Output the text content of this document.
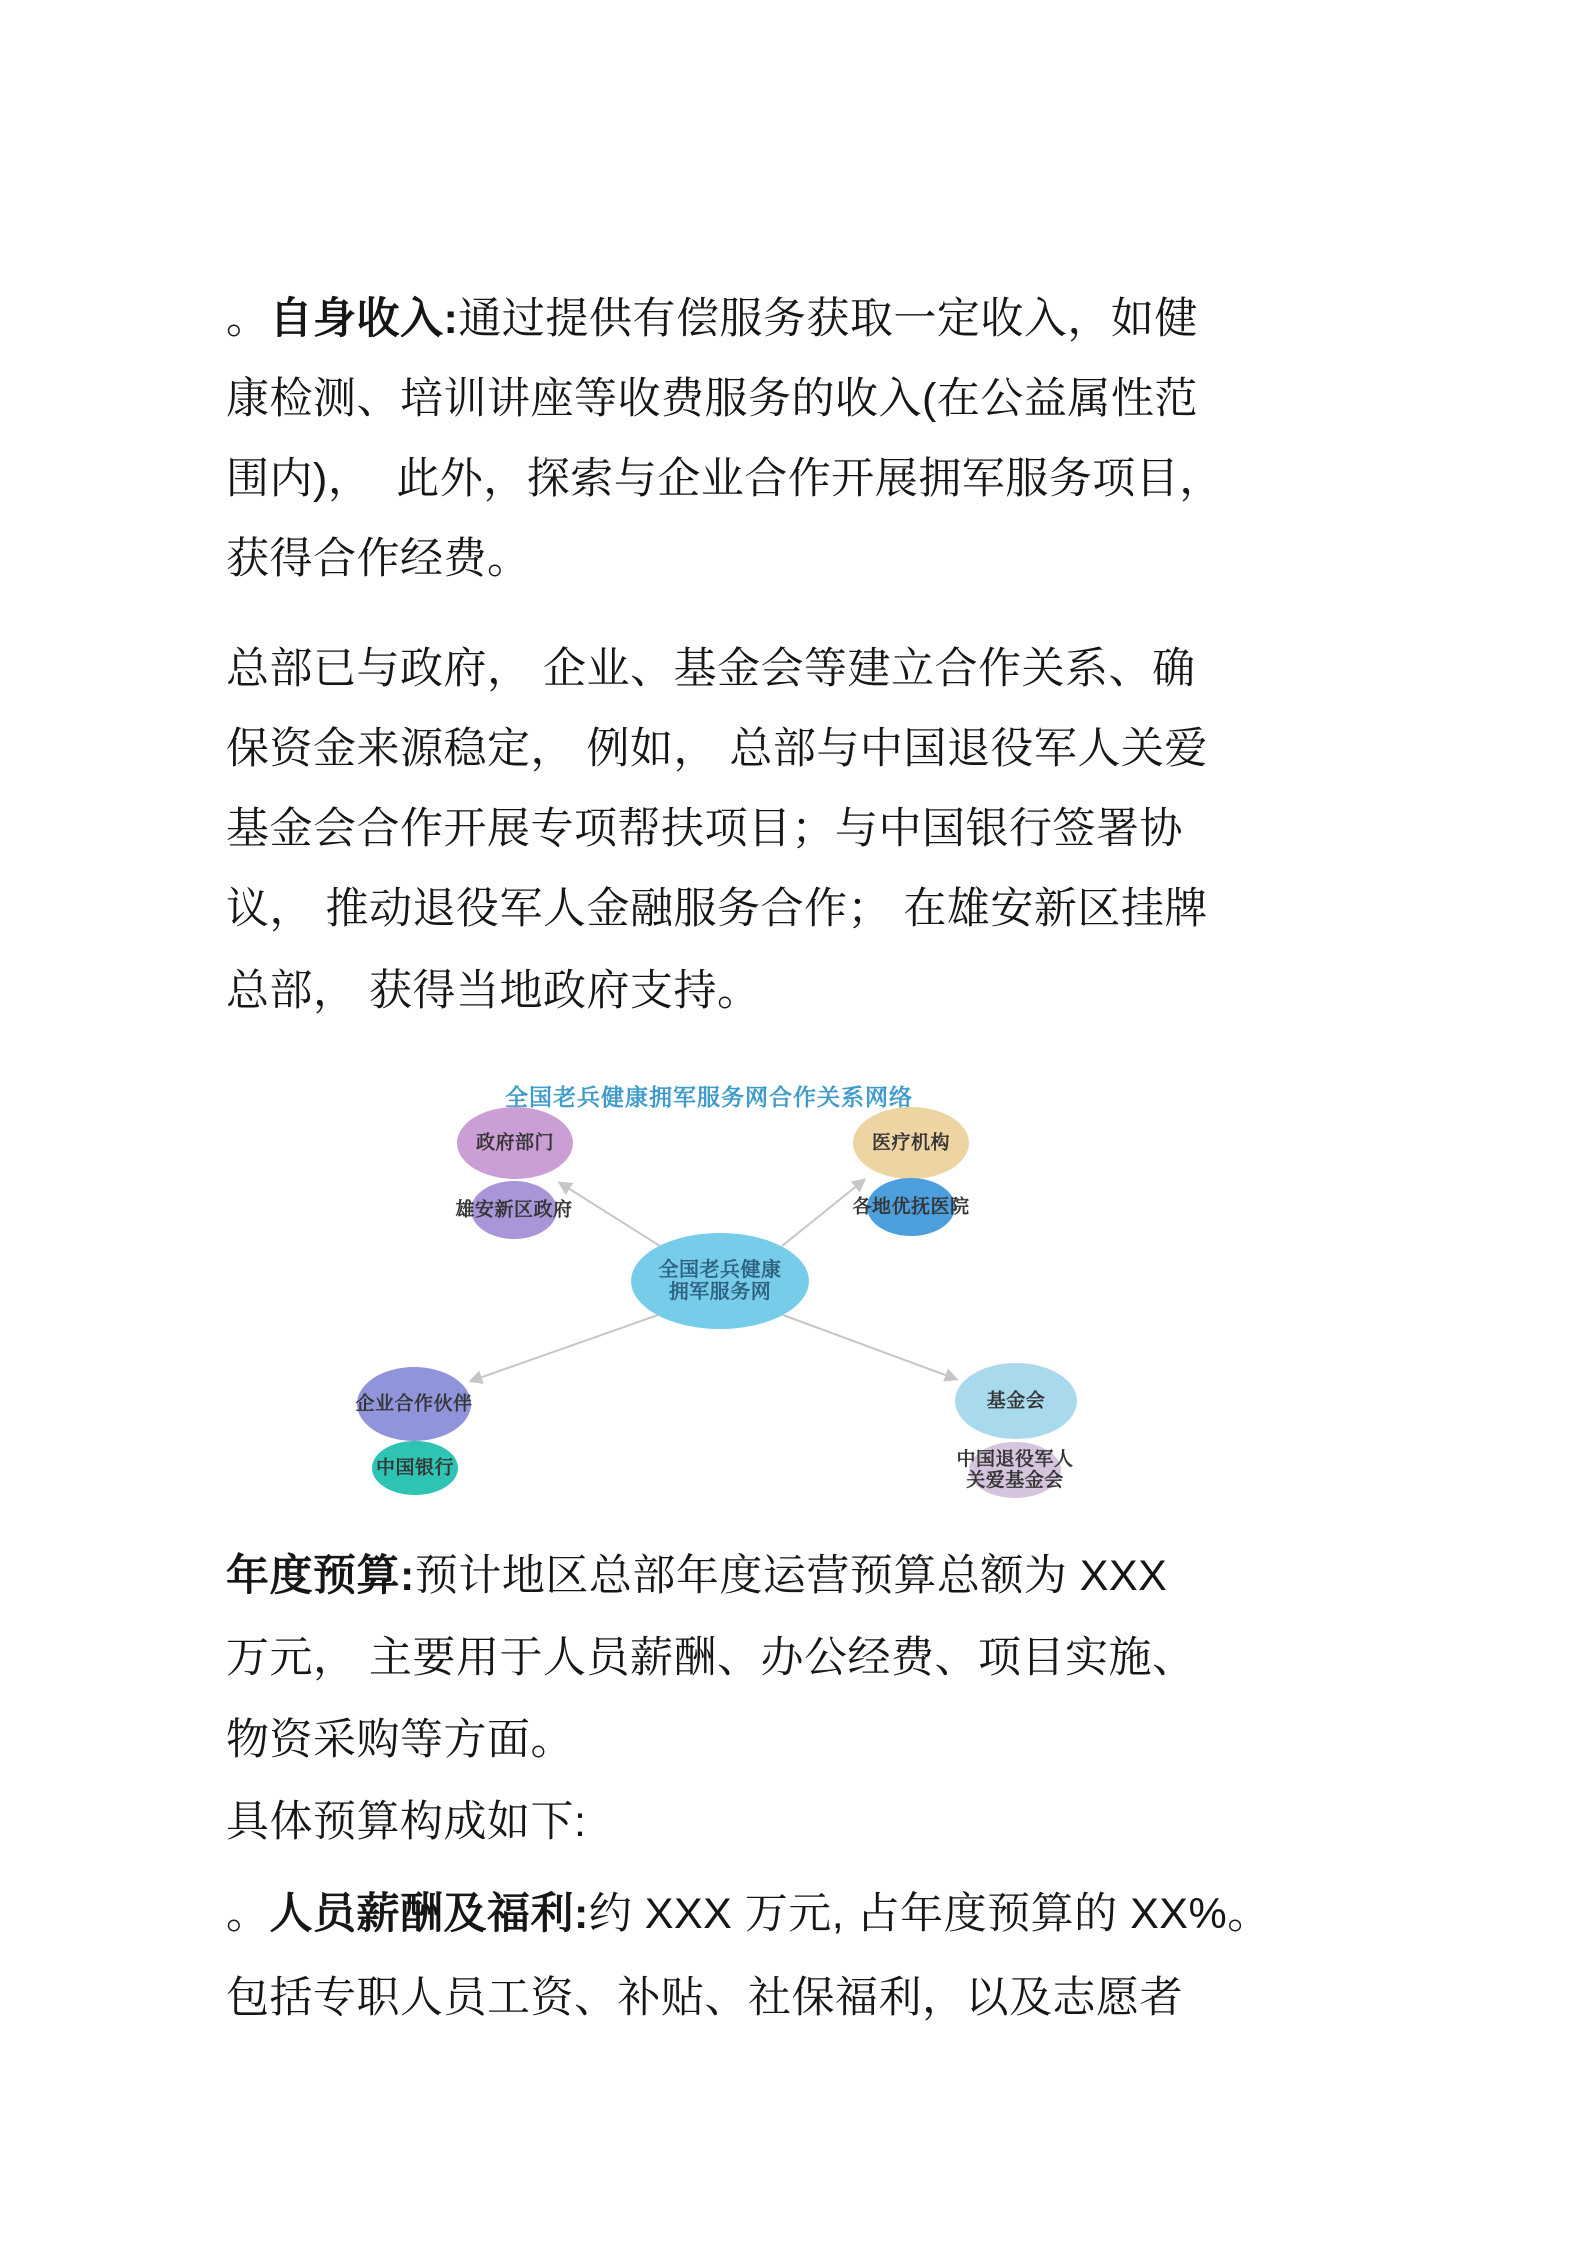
。自身收入:通过提供有偿服务获取一定收入，如健
康检测、培训讲座等收费服务的收入(在公益属性范
围内)，  此外，探索与企业合作开展拥军服务项目，
获得合作经费。
总部已与政府， 企业、基金会等建立合作关系、确
保资金来源稳定， 例如， 总部与中国退役军人关爱
基金会合作开展专项帮扶项目；与中国银行签署协
议， 推动退役军人金融服务合作； 在雄安新区挂牌
总部， 获得当地政府支持。
年度预算:预计地区总部年度运营预算总额为 XXX
万元， 主要用于人员薪酬、办公经费、项目实施、
物资采购等方面。
具体预算构成如下:
。人员薪酬及福利:约 XXX 万元, 占年度预算的 XX%。
包括专职人员工资、补贴、社保福利，以及志愿者
全国老兵健康拥军服务网合作关系网络
政府部门
雄安新区政府
医疗机构
各地优抚医院
全国老兵健康
拥军服务网
企业合作伙伴
中国银行
基金会
中国退役军人
关爱基金会
